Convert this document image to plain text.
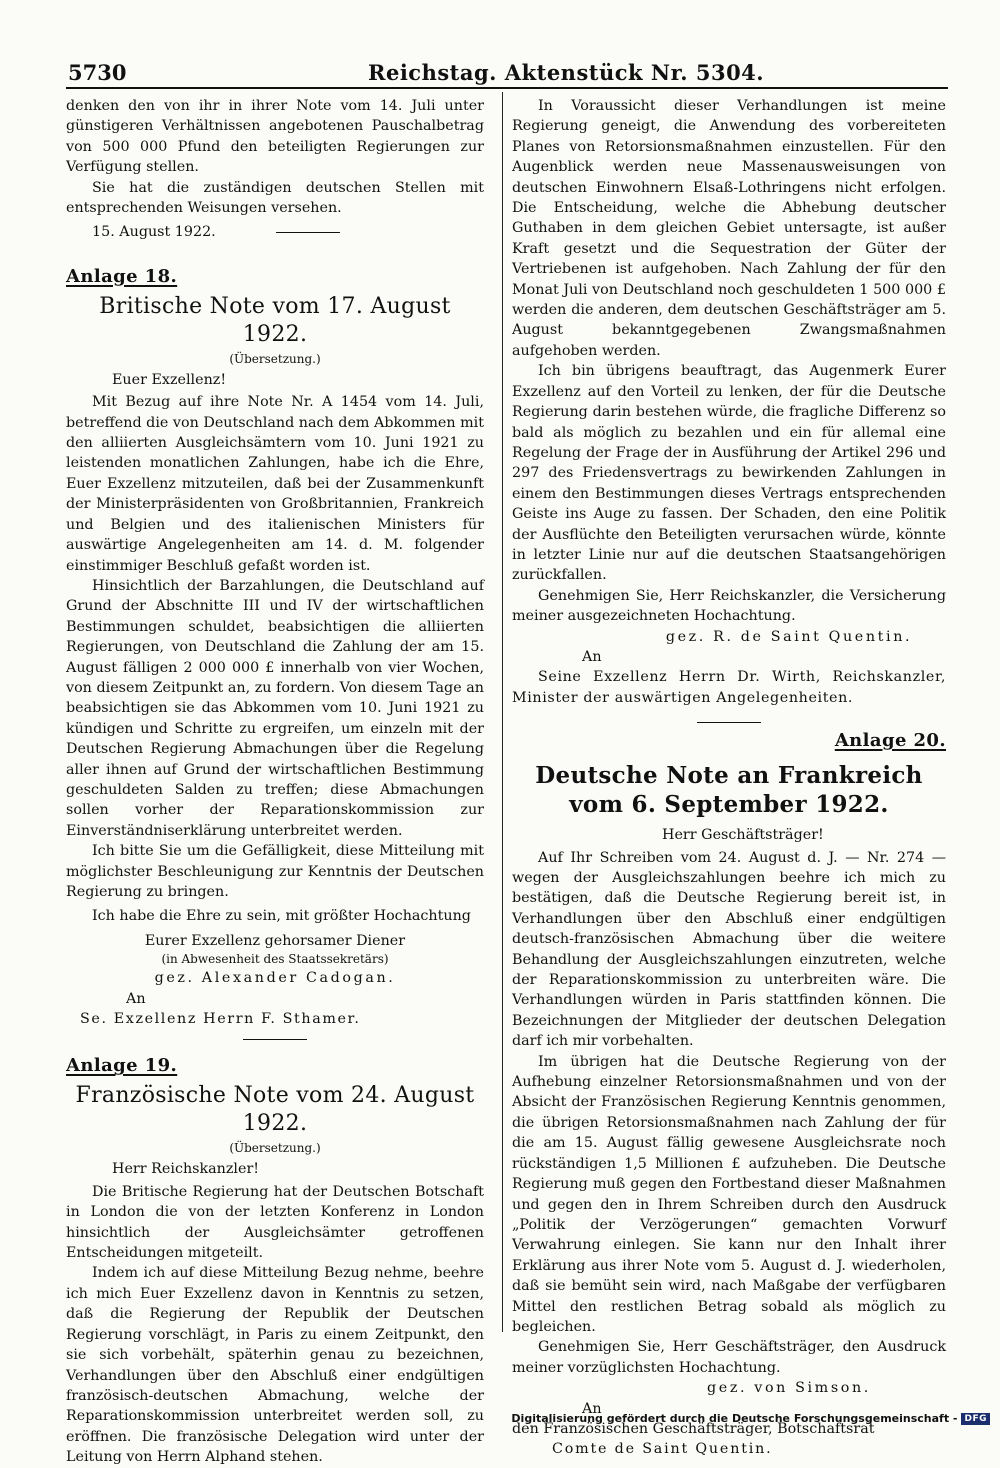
5730	Reichstag. Aktenstück Nr. 5304.

denken den von ihr in ihrer Note vom 14. Juli unter günstigeren Verhältnissen angebotenen Pauschalbetrag von 500 000 Pfund den beteiligten Regierungen zur Verfügung stellen.

Sie hat die zuständigen deutschen Stellen mit entsprechenden Weisungen versehen.

15. August 1922.

Anlage 18.

Britische Note vom 17. August 1922.

(Übersetzung.)

Euer Exzellenz!

Mit Bezug auf ihre Note Nr. A 1454 vom 14. Juli, betreffend die von Deutschland nach dem Abkommen mit den alliierten Ausgleichsämtern vom 10. Juni 1921 zu leistenden monatlichen Zahlungen, habe ich die Ehre, Euer Exzellenz mitzuteilen, daß bei der Zusammenkunft der Ministerpräsidenten von Großbritannien, Frankreich und Belgien und des italienischen Ministers für auswärtige Angelegenheiten am 14. d. M. folgender einstimmiger Beschluß gefaßt worden ist.

Hinsichtlich der Barzahlungen, die Deutschland auf Grund der Abschnitte III und IV der wirtschaftlichen Bestimmungen schuldet, beabsichtigen die alliierten Regierungen, von Deutschland die Zahlung der am 15. August fälligen 2 000 000 £ innerhalb von vier Wochen, von diesem Zeitpunkt an, zu fordern. Von diesem Tage an beabsichtigen sie das Abkommen vom 10. Juni 1921 zu kündigen und Schritte zu ergreifen, um einzeln mit der Deutschen Regierung Abmachungen über die Regelung aller ihnen auf Grund der wirtschaftlichen Bestimmung geschuldeten Salden zu treffen; diese Abmachungen sollen vorher der Reparationskommission zur Einverständniserklärung unterbreitet werden.

Ich bitte Sie um die Gefälligkeit, diese Mitteilung mit möglichster Beschleunigung zur Kenntnis der Deutschen Regierung zu bringen.

Ich habe die Ehre zu sein, mit größter Hochachtung

Eurer Exzellenz gehorsamer Diener

(in Abwesenheit des Staatssekretärs)

gez. Alexander Cadogan.

An

Se. Exzellenz Herrn F. Sthamer.

Anlage 19.

Französische Note vom 24. August 1922.

(Übersetzung.)

Herr Reichskanzler!

Die Britische Regierung hat der Deutschen Botschaft in London die von der letzten Konferenz in London hinsichtlich der Ausgleichsämter getroffenen Entscheidungen mitgeteilt.

Indem ich auf diese Mitteilung Bezug nehme, beehre ich mich Euer Exzellenz davon in Kenntnis zu setzen, daß die Regierung der Republik der Deutschen Regierung vorschlägt, in Paris zu einem Zeitpunkt, den sie sich vorbehält, späterhin genau zu bezeichnen, Verhandlungen über den Abschluß einer endgültigen französisch-deutschen Abmachung, welche der Reparationskommission unterbreitet werden soll, zu eröffnen. Die französische Delegation wird unter der Leitung von Herrn Alphand stehen.

In Voraussicht dieser Verhandlungen ist meine Regierung geneigt, die Anwendung des vorbereiteten Planes von Retorsionsmaßnahmen einzustellen. Für den Augenblick werden neue Massenausweisungen von deutschen Einwohnern Elsaß-Lothringens nicht erfolgen. Die Entscheidung, welche die Abhebung deutscher Guthaben in dem gleichen Gebiet untersagte, ist außer Kraft gesetzt und die Sequestration der Güter der Vertriebenen ist aufgehoben. Nach Zahlung der für den Monat Juli von Deutschland noch geschuldeten 1 500 000 £ werden die anderen, dem deutschen Geschäftsträger am 5. August bekanntgegebenen Zwangsmaßnahmen aufgehoben werden.

Ich bin übrigens beauftragt, das Augenmerk Eurer Exzellenz auf den Vorteil zu lenken, der für die Deutsche Regierung darin bestehen würde, die fragliche Differenz so bald als möglich zu bezahlen und ein für allemal eine Regelung der Frage der in Ausführung der Artikel 296 und 297 des Friedensvertrags zu bewirkenden Zahlungen in einem den Bestimmungen dieses Vertrags entsprechenden Geiste ins Auge zu fassen. Der Schaden, den eine Politik der Ausflüchte den Beteiligten verursachen würde, könnte in letzter Linie nur auf die deutschen Staatsangehörigen zurückfallen.

Genehmigen Sie, Herr Reichskanzler, die Versicherung meiner ausgezeichneten Hochachtung.

gez. R. de Saint Quentin.

An

Seine Exzellenz Herrn Dr. Wirth, Reichskanzler, Minister der auswärtigen Angelegenheiten.

Anlage 20.

Deutsche Note an Frankreich

vom 6. September 1922.

Herr Geschäftsträger!

Auf Ihr Schreiben vom 24. August d. J. — Nr. 274 — wegen der Ausgleichszahlungen beehre ich mich zu bestätigen, daß die Deutsche Regierung bereit ist, in Verhandlungen über den Abschluß einer endgültigen deutsch-französischen Abmachung über die weitere Behandlung der Ausgleichszahlungen einzutreten, welche der Reparationskommission zu unterbreiten wäre. Die Verhandlungen würden in Paris stattfinden können. Die Bezeichnungen der Mitglieder der deutschen Delegation darf ich mir vorbehalten.

Im übrigen hat die Deutsche Regierung von der Aufhebung einzelner Retorsionsmaßnahmen und von der Absicht der Französischen Regierung Kenntnis genommen, die übrigen Retorsionsmaßnahmen nach Zahlung der für die am 15. August fällig gewesene Ausgleichsrate noch rückständigen 1,5 Millionen £ aufzuheben. Die Deutsche Regierung muß gegen den Fortbestand dieser Maßnahmen und gegen den in Ihrem Schreiben durch den Ausdruck „Politik der Verzögerungen“ gemachten Vorwurf Verwahrung einlegen. Sie kann nur den Inhalt ihrer Erklärung aus ihrer Note vom 5. August d. J. wiederholen, daß sie bemüht sein wird, nach Maßgabe der verfügbaren Mittel den restlichen Betrag sobald als möglich zu begleichen.

Genehmigen Sie, Herr Geschäftsträger, den Ausdruck meiner vorzüglichsten Hochachtung.

gez. von Simson.

An

den Französischen Geschäftsträger, Botschaftsrat

Comte de Saint Quentin.

Digitalisierung gefördert durch die Deutsche Forschungsgemeinschaft - DFG
